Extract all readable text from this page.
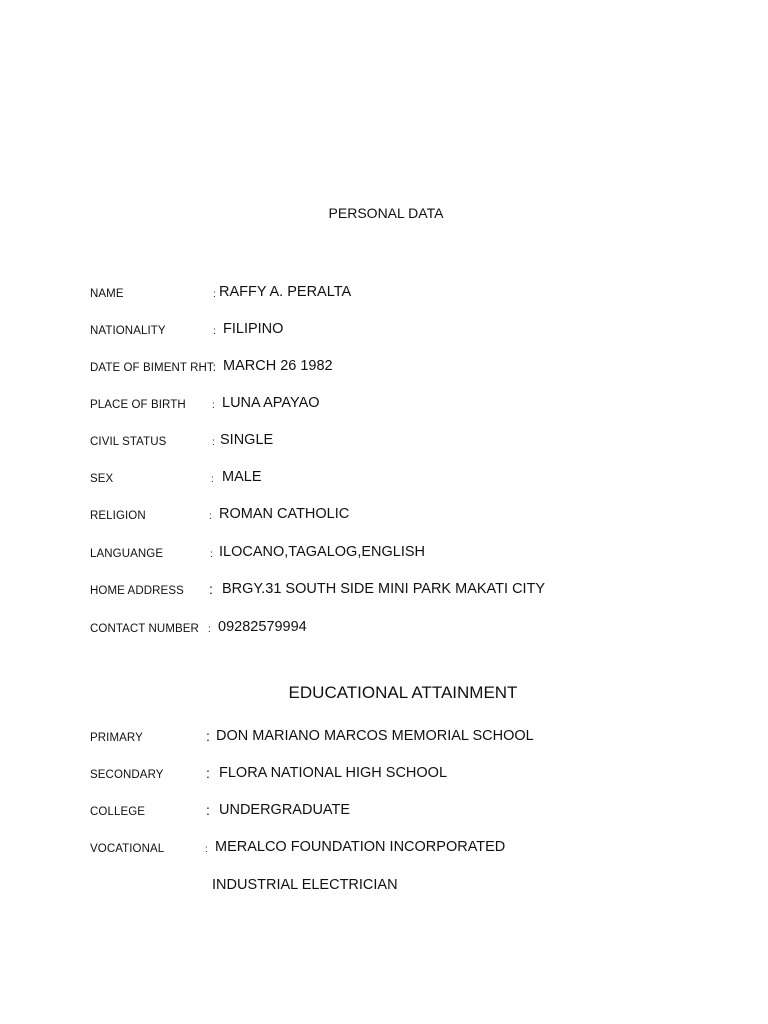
PERSONAL DATA
NAME	: RAFFY A. PERALTA
NATIONALITY	: FILIPINO
DATE OF BIMENT RHT: MARCH 26 1982
PLACE OF BIRTH	: LUNA APAYAO
CIVIL STATUS	: SINGLE
SEX	: MALE
RELIGION	: ROMAN CATHOLIC
LANGUANGE	: ILOCANO,TAGALOG,ENGLISH
HOME ADDRESS : BRGY.31 SOUTH SIDE MINI PARK MAKATI CITY
CONTACT NUMBER : 09282579994
EDUCATIONAL ATTAINMENT
PRIMARY	: DON MARIANO MARCOS MEMORIAL SCHOOL
SECONDARY	: FLORA NATIONAL HIGH SCHOOL
COLLEGE	: UNDERGRADUATE
VOCATIONAL	: MERALCO FOUNDATION INCORPORATED
INDUSTRIAL ELECTRICIAN
